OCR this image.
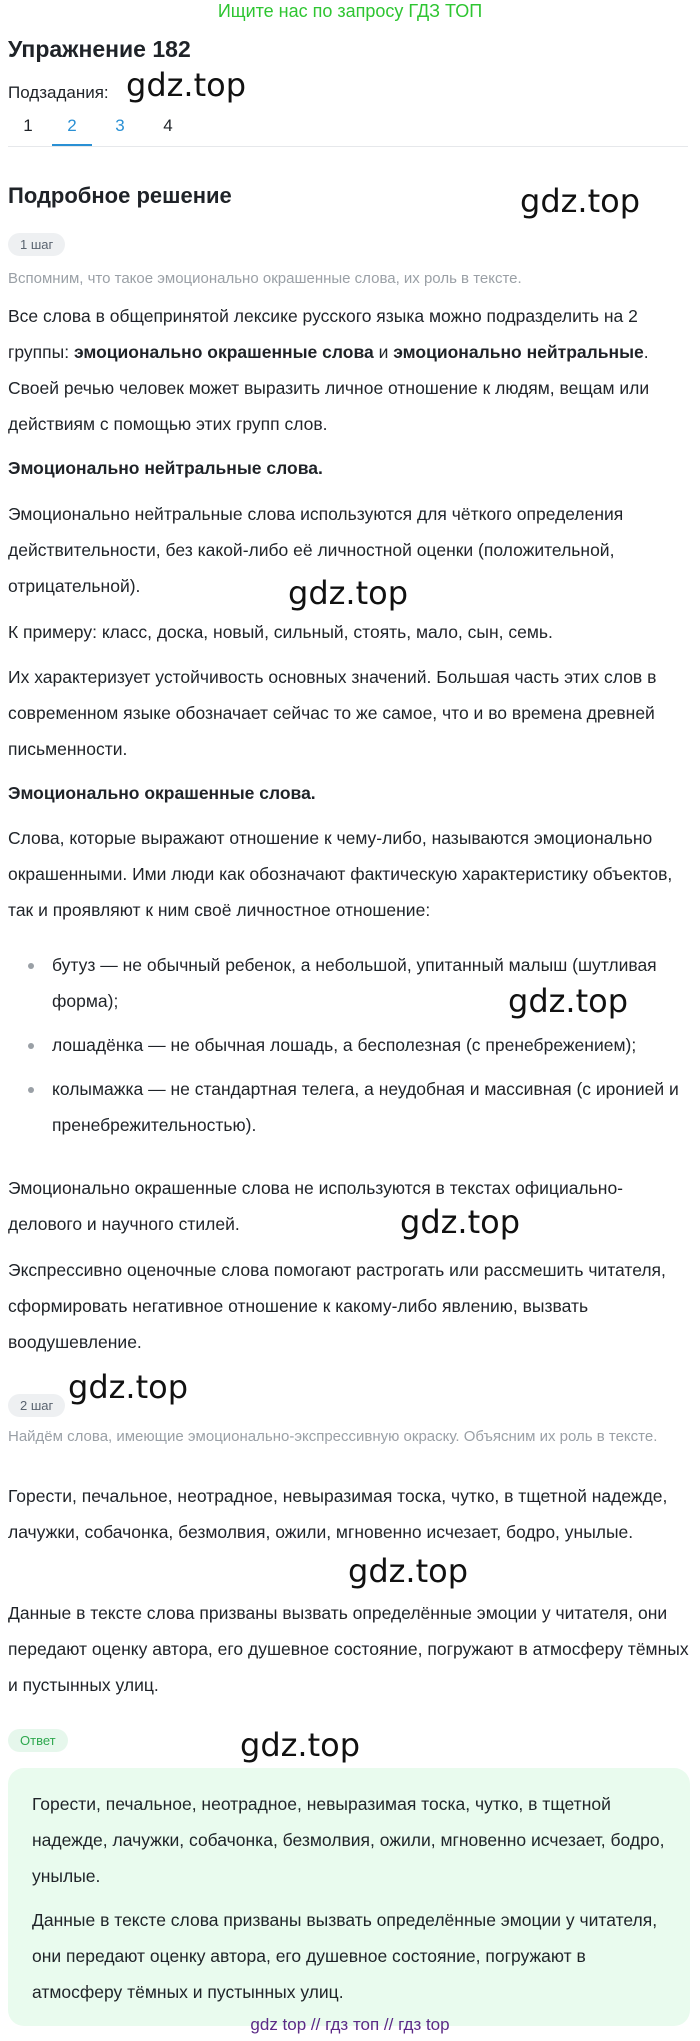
Ищите нас по запросу ГДЗ ТОП
Упражнение 182
Подзадания: gdz.top
1	2	3	4
Подробное решение	gdz.top
1 шаг
Вспомним, что такое эмоционально окрашенные слова, их роль в тексте.
Все слова в общепринятой лексике русского языка можно подразделить на 2 группы: эмоционально окрашенные слова и эмоционально нейтральные. Своей речью человек может выразить личное отношение к людям, вещам или действиям с помощью этих групп слов.
Эмоционально нейтральные слова.
Эмоционально нейтральные слова используются для чёткого определения действительности, без какой-либо её личностной оценки (положительной, отрицательной).	gdz.top
К примеру: класс, доска, новый, сильный, стоять, мало, сын, семь.
Их характеризует устойчивость основных значений. Большая часть этих слов в современном языке обозначает сейчас то же самое, что и во времена древней письменности.
Эмоционально окрашенные слова.
Слова, которые выражают отношение к чему-либо, называются эмоционально окрашенными. Ими люди как обозначают фактическую характеристику объектов, так и проявляют к ним своё личностное отношение:
бутуз — не обычный ребенок, а небольшой, упитанный малыш (шутливая форма);	gdz.top
лошадёнка — не обычная лошадь, а бесполезная (с пренебрежением);
колымажка — не стандартная телега, а неудобная и массивная (с иронией и пренебрежительностью).
Эмоционально окрашенные слова не используются в текстах официально-делового и научного стилей.	gdz.top
Экспрессивно оценочные слова помогают растрогать или рассмешить читателя, сформировать негативное отношение к какому-либо явлению, вызвать воодушевление.
gdz.top
2 шаг
Найдём слова, имеющие эмоционально-экспрессивную окраску. Объясним их роль в тексте.
Горести, печальное, неотрадное, невыразимая тоска, чутко, в тщетной надежде, лачужки, собачонка, безмолвия, ожили, мгновенно исчезает, бодро, унылые.
gdz.top
Данные в тексте слова призваны вызвать определённые эмоции у читателя, они передают оценку автора, его душевное состояние, погружают в атмосферу тёмных и пустынных улиц.
Ответ	gdz.top
Горести, печальное, неотрадное, невыразимая тоска, чутко, в тщетной надежде, лачужки, собачонка, безмолвия, ожили, мгновенно исчезает, бодро, унылые.
Данные в тексте слова призваны вызвать определённые эмоции у читателя, они передают оценку автора, его душевное состояние, погружают в атмосферу тёмных и пустынных улиц.
gdz top // гдз топ // гдз top
